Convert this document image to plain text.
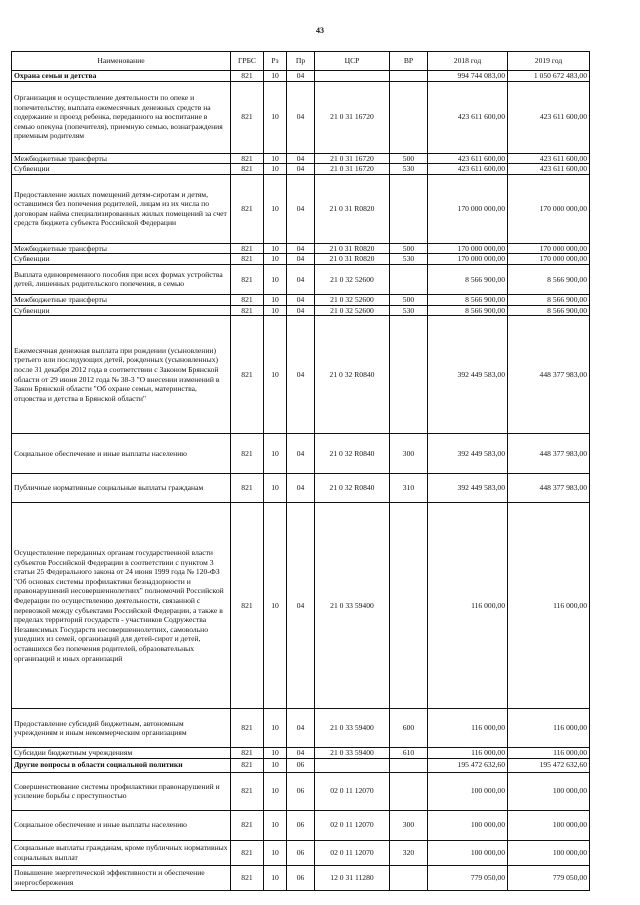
43
Наименование	ГРБС	Рз	Пр	ЦСР	ВР	2018 год	2019 год
Охрана семьи и детства	821	10	04			994 744 083,00	1 050 672 483,00
Организация и осуществление деятельности по опеке и попечительству, выплата ежемесячных денежных средств на содержание и проезд ребенка, переданного на воспитание в семью опекуна (попечителя), приемную семью, вознаграждения приемным родителям	821	10	04	21 0 31 16720		423 611 600,00	423 611 600,00
Межбюджетные трансферты	821	10	04	21 0 31 16720	500	423 611 600,00	423 611 600,00
Субвенции	821	10	04	21 0 31 16720	530	423 611 600,00	423 611 600,00
Предоставление жилых помещений детям-сиротам и детям, оставшимся без попечения родителей, лицам из их числа по договорам найма специализированных жилых помещений за счет средств бюджета субъекта Российской Федерации	821	10	04	21 0 31 R0820		170 000 000,00	170 000 000,00
Межбюджетные трансферты	821	10	04	21 0 31 R0820	500	170 000 000,00	170 000 000,00
Субвенции	821	10	04	21 0 31 R0820	530	170 000 000,00	170 000 000,00
Выплата единовременного пособия при всех формах устройства детей, лишенных родительского попечения, в семью	821	10	04	21 0 32 52600		8 566 900,00	8 566 900,00
Межбюджетные трансферты	821	10	04	21 0 32 52600	500	8 566 900,00	8 566 900,00
Субвенции	821	10	04	21 0 32 52600	530	8 566 900,00	8 566 900,00
Ежемесячная денежная выплата при рождении (усыновлении) третьего или последующих детей, рожденных (усыновленных) после 31 декабря 2012 года в соответствии с Законом Брянской области от 29 июня 2012 года № 38-3 "О внесении изменений в Закон Брянской области "Об охране семьи, материнства, отцовства и детства в Брянской области"	821	10	04	21 0 32 R0840		392 449 583,00	448 377 983,00
Социальное обеспечение и иные выплаты населению	821	10	04	21 0 32 R0840	300	392 449 583,00	448 377 983,00
Публичные нормативные социальные выплаты гражданам	821	10	04	21 0 32 R0840	310	392 449 583,00	448 377 983,00
Осуществление переданных органам государственной власти субъектов Российской Федерации в соответствии с пунктом 3 статьи 25 Федерального закона от 24 июня 1999 года № 120-ФЗ "Об основах системы профилактики безнадзорности и правонарушений несовершеннолетних" полномочий Российской Федерации по осуществлению деятельности, связанной с перевозкой между субъектами Российской Федерации, а также в пределах территорий государств - участников Содружества Независимых Государств несовершеннолетних, самовольно ушедших из семей, организаций для детей-сирот и детей, оставшихся без попечения родителей, образовательных организаций и иных организаций	821	10	04	21 0 33 59400		116 000,00	116 000,00
Предоставление субсидий бюджетным, автономным учреждениям и иным некоммерческим организациям	821	10	04	21 0 33 59400	600	116 000,00	116 000,00
Субсидии бюджетным учреждениям	821	10	04	21 0 33 59400	610	116 000,00	116 000,00
Другие вопросы в области социальной политики	821	10	06			195 472 632,60	195 472 632,60
Совершенствование системы профилактики правонарушений и усиление борьбы с преступностью	821	10	06	02 0 11 12070		100 000,00	100 000,00
Социальное обеспечение и иные выплаты населению	821	10	06	02 0 11 12070	300	100 000,00	100 000,00
Социальные выплаты гражданам, кроме публичных нормативных социальных выплат	821	10	06	02 0 11 12070	320	100 000,00	100 000,00
Повышение энергетической эффективности и обеспечение энергосбережения	821	10	06	12 0 31 11280		779 050,00	779 050,00
